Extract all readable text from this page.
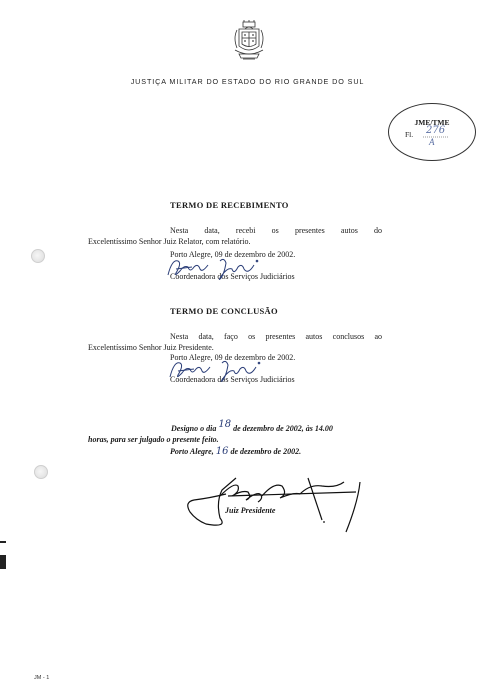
JUSTIÇA MILITAR DO ESTADO DO RIO GRANDE DO SUL
JME/TME
Fl. 276
A
TERMO DE RECEBIMENTO
Nesta data, recebi os presentes autos do
Excelentíssimo Senhor Juiz Relator, com relatório.
Porto Alegre, 09 de dezembro de 2002.
Coordenadora dos Serviços Judiciários
TERMO DE CONCLUSÃO
Nesta data, faço os presentes autos conclusos ao
Excelentíssimo Senhor Juiz Presidente.
Porto Alegre, 09 de dezembro de 2002.
Coordenadora dos Serviços Judiciários
Designo o dia 18 de dezembro de 2002, às 14.00
horas, para ser julgado o presente feito.
Porto Alegre, 16 de dezembro de 2002.
Juiz Presidente
JM - 1
